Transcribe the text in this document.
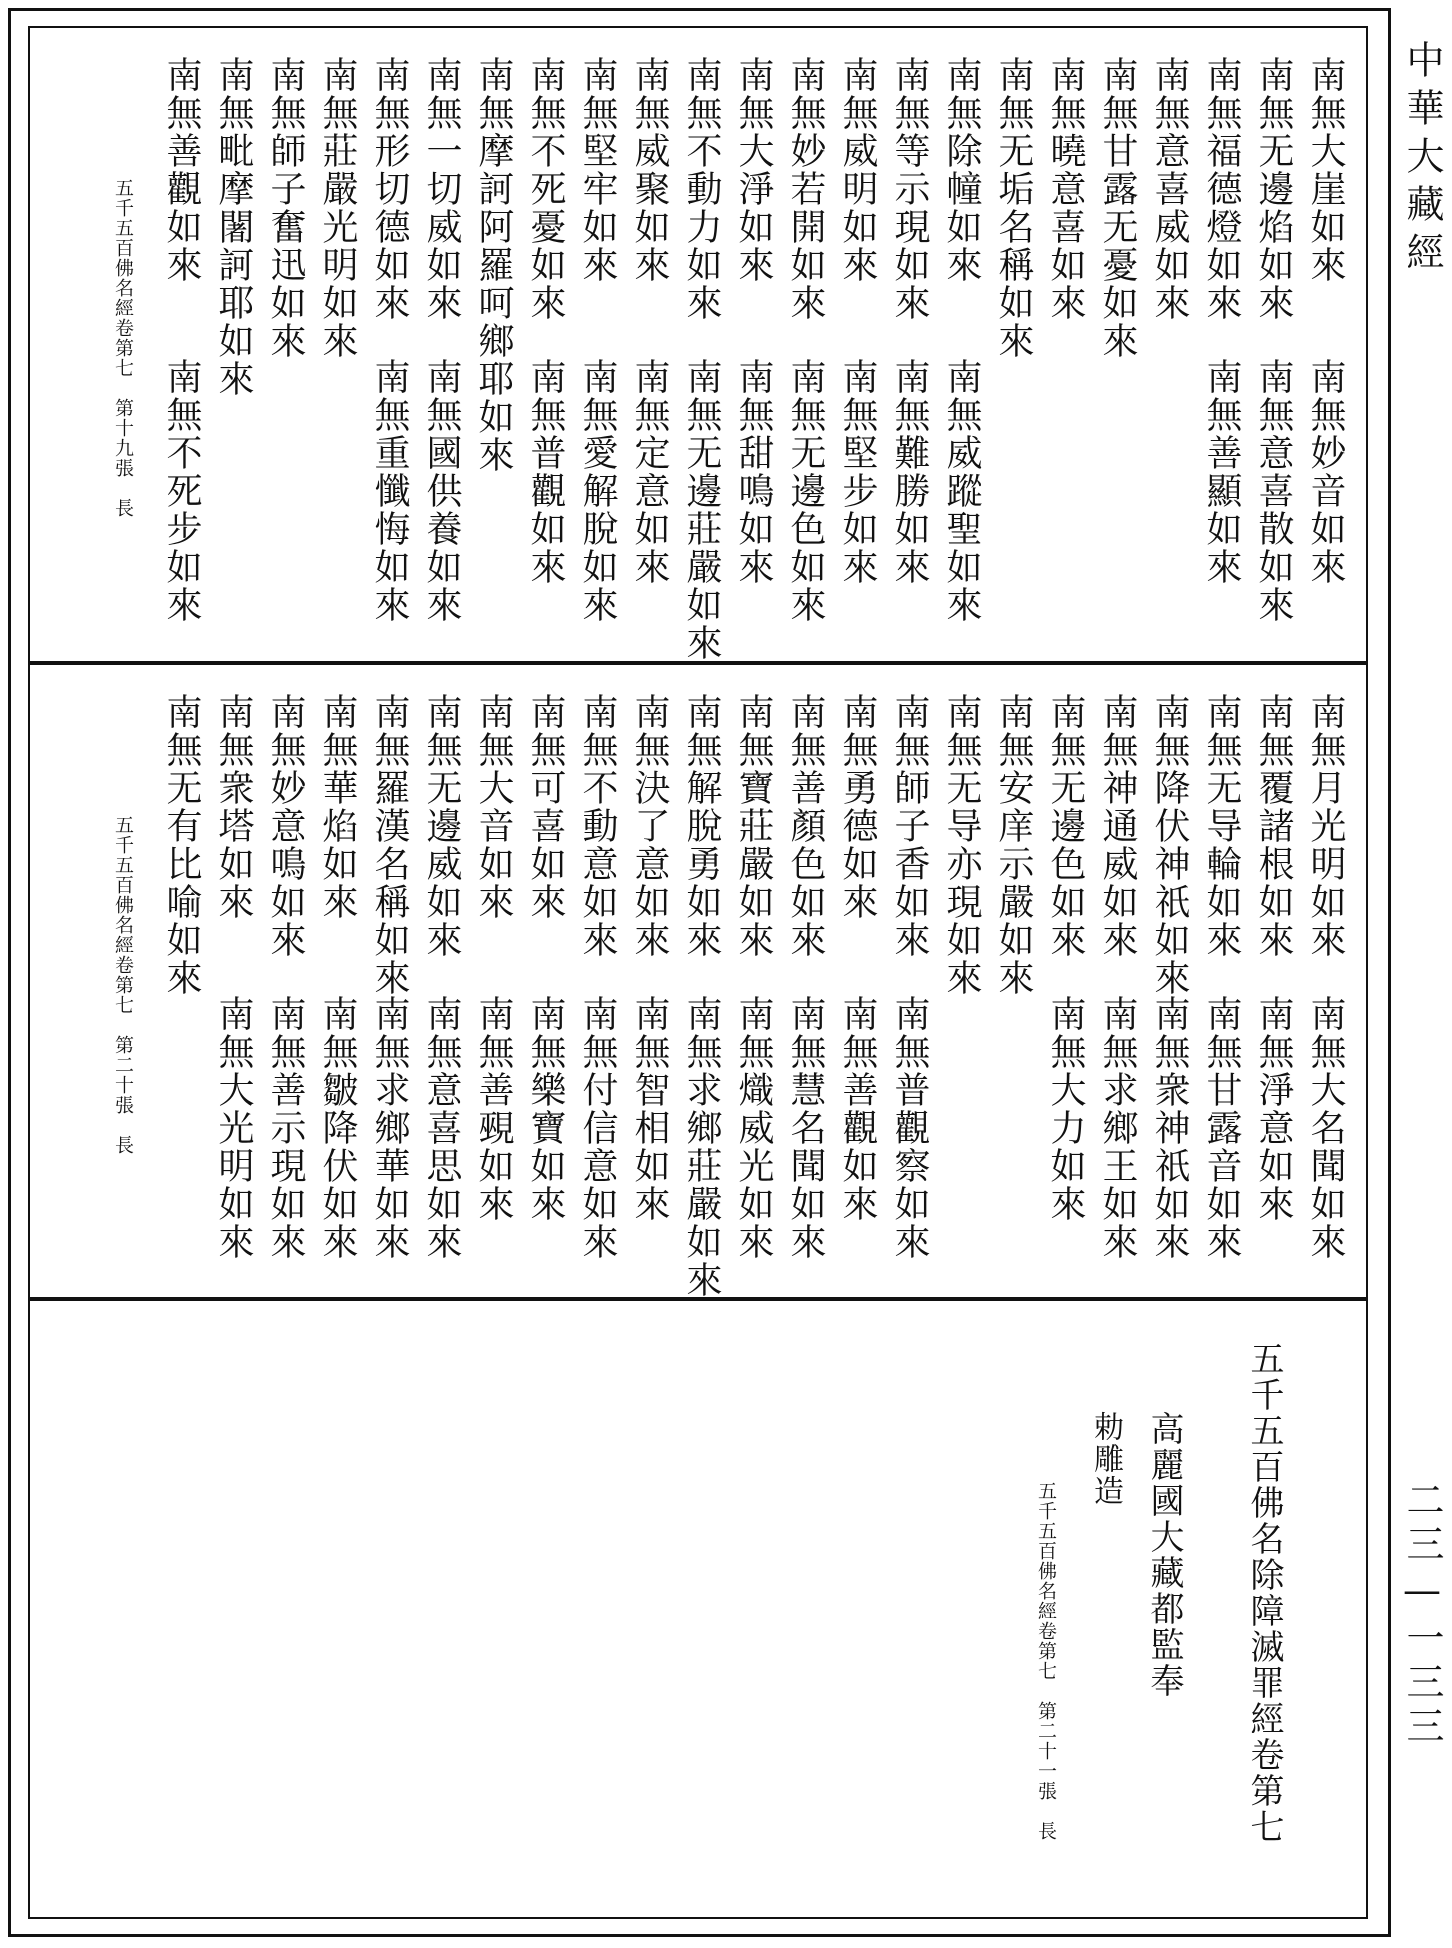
南無大崖如來
南無妙音如來
南無无邊焰如來
南無意喜散如來
南無福德燈如來
南無善顯如來
南無意喜威如來
南無甘露无憂如來
南無曉意喜如來
南無无垢名稱如來
南無除幢如來
南無威蹤聖如來
南無等示現如來
南無難勝如來
南無威明如來
南無堅步如來
南無妙若開如來
南無无邊色如來
南無大淨如來
南無甜鳴如來
南無不動力如來
南無无邊莊嚴如來
南無威聚如來
南無定意如來
南無堅牢如來
南無愛解脫如來
南無不死憂如來
南無普觀如來
南無摩訶阿羅呵鄉耶如來
南無一切威如來
南無國供養如來
南無形切德如來
南無重懺悔如來
南無莊嚴光明如來
南無師子奮迅如來
南無毗摩闍訶耶如來
南無善觀如來
南無不死步如來
五千五百佛名經卷第七　第十九張　長
南無月光明如來
南無大名聞如來
南無覆諸根如來
南無淨意如來
南無无导輪如來
南無甘露音如來
南無降伏神祇如來
南無衆神祇如來
南無神通威如來
南無求鄉王如來
南無无邊色如來
南無大力如來
南無安庠示嚴如來
南無无导亦現如來
南無師子香如來
南無普觀察如來
南無勇德如來
南無善觀如來
南無善顏色如來
南無慧名聞如來
南無寶莊嚴如來
南無熾威光如來
南無解脫勇如來
南無求鄉莊嚴如來
南無決了意如來
南無智相如來
南無不動意如來
南無付信意如來
南無可喜如來
南無樂寶如來
南無大音如來
南無善覡如來
南無无邊威如來
南無意喜思如來
南無羅漢名稱如來
南無求鄉華如來
南無華焰如來
南無皺降伏如來
南無妙意鳴如來
南無善示現如來
南無衆塔如來
南無大光明如來
南無无有比喻如來
五千五百佛名經卷第七　第二十張　長
五千五百佛名除障滅罪經卷第七
高麗國大藏都監奉
勅雕造
五千五百佛名經卷第七　第二十一張　長
中華大藏經
二三—一三三
